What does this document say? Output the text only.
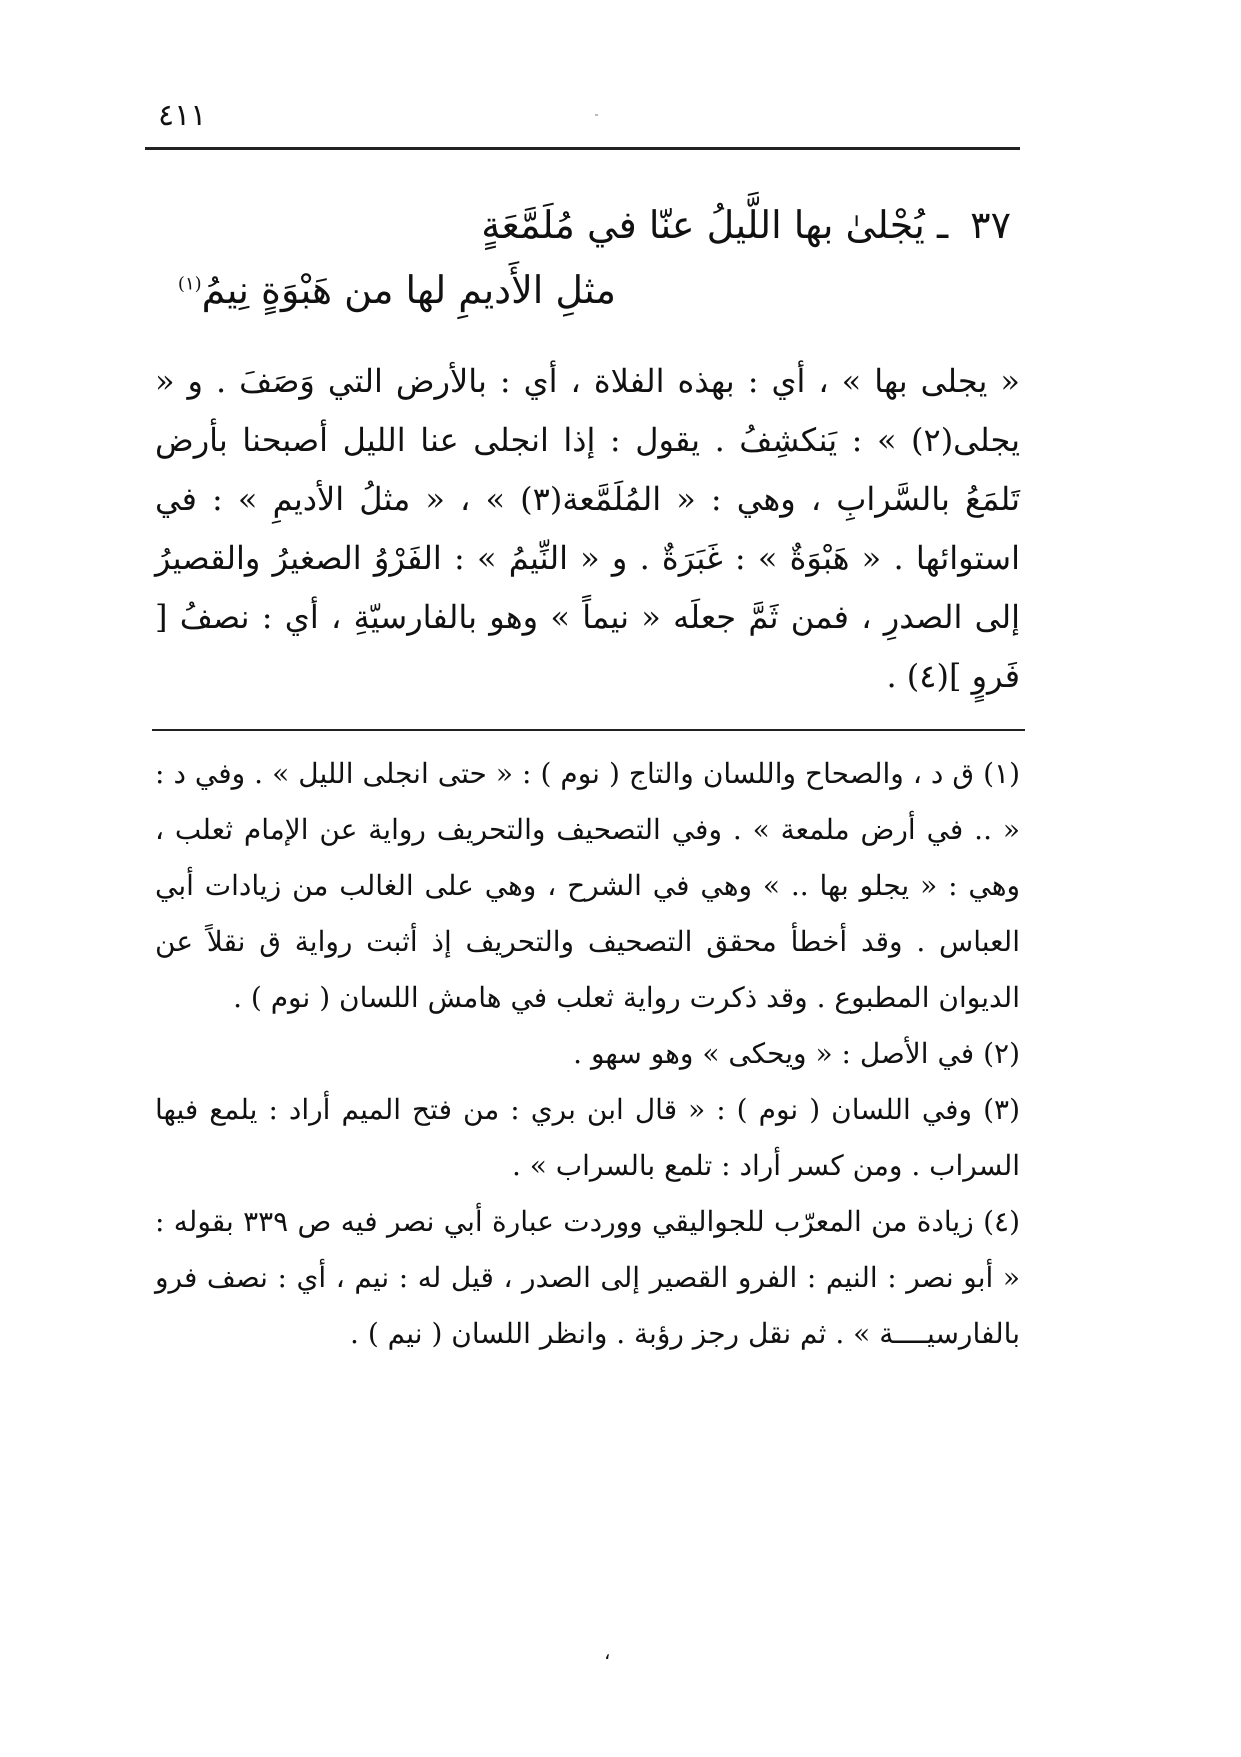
٤١١
٣٧ ـ يُجْلىٰ بها اللَّيلُ عنّا في مُلَمَّعَةٍ
مثلِ الأَديمِ لها من هَبْوَةٍ نِيمُ$^{(١)}$
« يجلى بها » ، أي : بهذه الفلاة ، أي : بالأرض التي وَصَفَ . و « يجلى(٢) » : يَنكشِفُ . يقول : إذا انجلى عنا الليل أصبحنا بأرض تَلمَعُ بالسَّرابِ ، وهي : « المُلَمَّعة(٣) » ، « مثلُ الأديمِ » : في استوائها . « هَبْوَةٌ » : غَبَرَةٌ . و « النِّيمُ » : الفَرْوُ الصغيرُ والقصيرُ إلى الصدرِ ، فمن ثَمَّ جعلَه « نيماً » وهو بالفارسيّةِ ، أي : نصفُ [ فَروٍ ](٤) .

(١) ق د ، والصحاح واللسان والتاج ( نوم ) : « حتى انجلى الليل » . وفي د : « .. في أرض ملمعة » . وفي التصحيف والتحريف رواية عن الإمام ثعلب ، وهي : « يجلو بها .. » وهي في الشرح ، وهي على الغالب من زيادات أبي العباس . وقد أخطأ محقق التصحيف والتحريف إذ أثبت رواية ق نقلاً عن الديوان المطبوع . وقد ذكرت رواية ثعلب في هامش اللسان ( نوم ) .

(٢) في الأصل : « ويحكى » وهو سهو .

(٣) وفي اللسان ( نوم ) : « قال ابن بري : من فتح الميم أراد : يلمع فيها السراب . ومن كسر أراد : تلمع بالسراب » .

(٤) زيادة من المعرّب للجواليقي ووردت عبارة أبي نصر فيه ص ٣٣٩ بقوله : « أبو نصر : النيم : الفرو القصير إلى الصدر ، قيل له : نيم ، أي : نصف فرو بالفارسيــــة » . ثم نقل رجز رؤبة . وانظر اللسان ( نيم ) .

،
